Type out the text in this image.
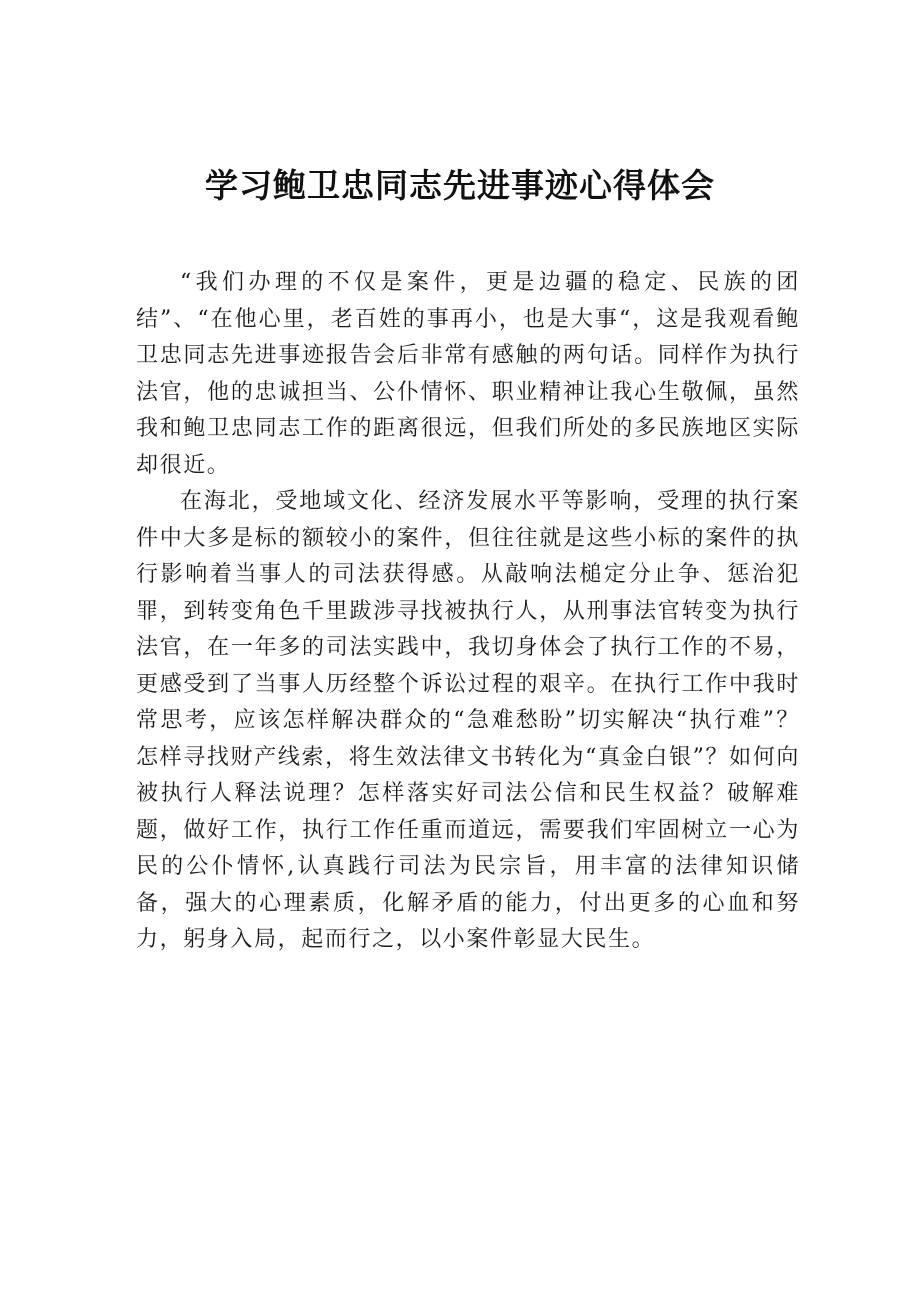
学习鲍卫忠同志先进事迹心得体会

“我们办理的不仅是案件，更是边疆的稳定、民族的团结”、“在他心里，老百姓的事再小，也是大事“，这是我观看鲍卫忠同志先进事迹报告会后非常有感触的两句话。同样作为执行法官，他的忠诚担当、公仆情怀、职业精神让我心生敬佩，虽然我和鲍卫忠同志工作的距离很远，但我们所处的多民族地区实际却很近。

在海北，受地域文化、经济发展水平等影响，受理的执行案件中大多是标的额较小的案件，但往往就是这些小标的案件的执行影响着当事人的司法获得感。从敲响法槌定分止争、惩治犯罪，到转变角色千里跋涉寻找被执行人，从刑事法官转变为执行法官，在一年多的司法实践中，我切身体会了执行工作的不易，更感受到了当事人历经整个诉讼过程的艰辛。在执行工作中我时常思考，应该怎样解决群众的“急难愁盼”切实解决“执行难”？怎样寻找财产线索，将生效法律文书转化为“真金白银”？如何向被执行人释法说理？怎样落实好司法公信和民生权益？破解难题，做好工作，执行工作任重而道远，需要我们牢固树立一心为民的公仆情怀,认真践行司法为民宗旨，用丰富的法律知识储备，强大的心理素质，化解矛盾的能力，付出更多的心血和努力，躬身入局，起而行之，以小案件彰显大民生。
